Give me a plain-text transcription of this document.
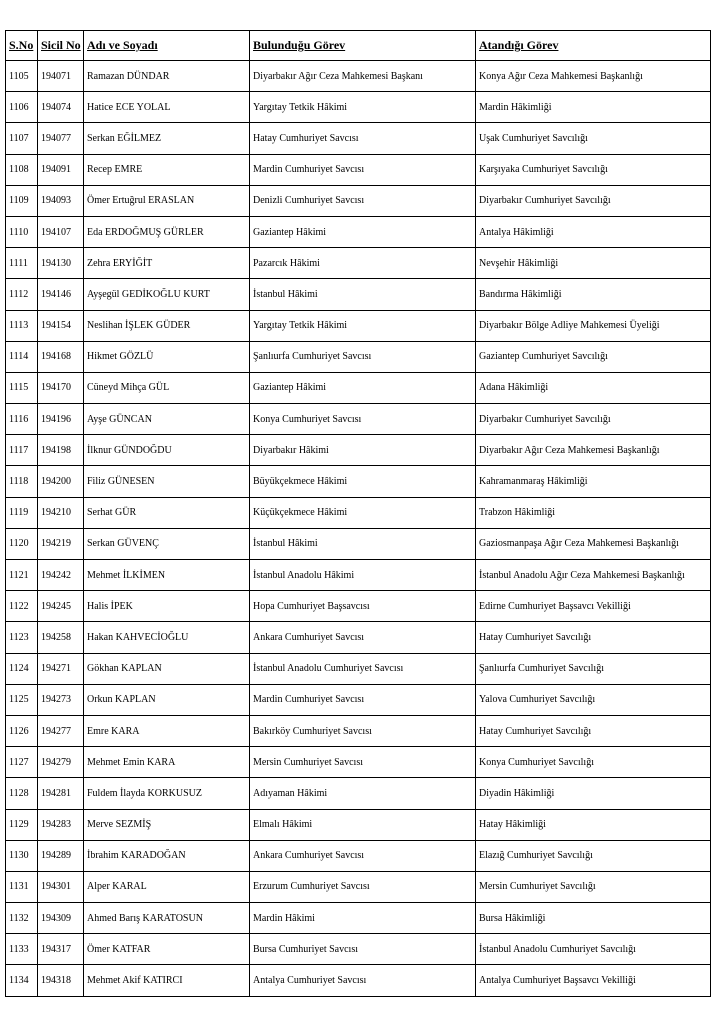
S.No	Sicil No	Adı ve Soyadı	Bulunduğu Görev	Atandığı Görev
1105	194071	Ramazan DÜNDAR	Diyarbakır Ağır Ceza Mahkemesi Başkanı	Konya Ağır Ceza Mahkemesi Başkanlığı
1106	194074	Hatice ECE YOLAL	Yargıtay Tetkik Hâkimi	Mardin Hâkimliği
1107	194077	Serkan EĞİLMEZ	Hatay Cumhuriyet Savcısı	Uşak Cumhuriyet Savcılığı
1108	194091	Recep EMRE	Mardin Cumhuriyet Savcısı	Karşıyaka Cumhuriyet Savcılığı
1109	194093	Ömer Ertuğrul ERASLAN	Denizli Cumhuriyet Savcısı	Diyarbakır Cumhuriyet Savcılığı
1110	194107	Eda ERDOĞMUŞ GÜRLER	Gaziantep Hâkimi	Antalya Hâkimliği
1111	194130	Zehra ERYİĞİT	Pazarcık Hâkimi	Nevşehir Hâkimliği
1112	194146	Ayşegül GEDİKOĞLU KURT	İstanbul Hâkimi	Bandırma Hâkimliği
1113	194154	Neslihan İŞLEK GÜDER	Yargıtay Tetkik Hâkimi	Diyarbakır Bölge Adliye Mahkemesi Üyeliği
1114	194168	Hikmet GÖZLÜ	Şanlıurfa Cumhuriyet Savcısı	Gaziantep Cumhuriyet Savcılığı
1115	194170	Cüneyd Mihça GÜL	Gaziantep Hâkimi	Adana Hâkimliği
1116	194196	Ayşe GÜNCAN	Konya Cumhuriyet Savcısı	Diyarbakır Cumhuriyet Savcılığı
1117	194198	İlknur GÜNDOĞDU	Diyarbakır Hâkimi	Diyarbakır Ağır Ceza Mahkemesi Başkanlığı
1118	194200	Filiz GÜNESEN	Büyükçekmece Hâkimi	Kahramanmaraş Hâkimliği
1119	194210	Serhat GÜR	Küçükçekmece Hâkimi	Trabzon Hâkimliği
1120	194219	Serkan GÜVENÇ	İstanbul Hâkimi	Gaziosmanpaşa Ağır Ceza Mahkemesi Başkanlığı
1121	194242	Mehmet İLKİMEN	İstanbul Anadolu Hâkimi	İstanbul Anadolu Ağır Ceza Mahkemesi Başkanlığı
1122	194245	Halis İPEK	Hopa Cumhuriyet Başsavcısı	Edirne Cumhuriyet Başsavcı Vekilliği
1123	194258	Hakan KAHVECİOĞLU	Ankara Cumhuriyet Savcısı	Hatay Cumhuriyet Savcılığı
1124	194271	Gökhan KAPLAN	İstanbul Anadolu Cumhuriyet Savcısı	Şanlıurfa Cumhuriyet Savcılığı
1125	194273	Orkun KAPLAN	Mardin Cumhuriyet Savcısı	Yalova Cumhuriyet Savcılığı
1126	194277	Emre KARA	Bakırköy Cumhuriyet Savcısı	Hatay Cumhuriyet Savcılığı
1127	194279	Mehmet Emin KARA	Mersin Cumhuriyet Savcısı	Konya Cumhuriyet Savcılığı
1128	194281	Fuldem İlayda KORKUSUZ	Adıyaman Hâkimi	Diyadin Hâkimliği
1129	194283	Merve SEZMİŞ	Elmalı Hâkimi	Hatay Hâkimliği
1130	194289	İbrahim KARADOĞAN	Ankara Cumhuriyet Savcısı	Elazığ Cumhuriyet Savcılığı
1131	194301	Alper KARAL	Erzurum Cumhuriyet Savcısı	Mersin Cumhuriyet Savcılığı
1132	194309	Ahmed Barış KARATOSUN	Mardin Hâkimi	Bursa Hâkimliği
1133	194317	Ömer KATFAR	Bursa Cumhuriyet Savcısı	İstanbul Anadolu Cumhuriyet Savcılığı
1134	194318	Mehmet Akif KATIRCI	Antalya Cumhuriyet Savcısı	Antalya Cumhuriyet Başsavcı Vekilliği
